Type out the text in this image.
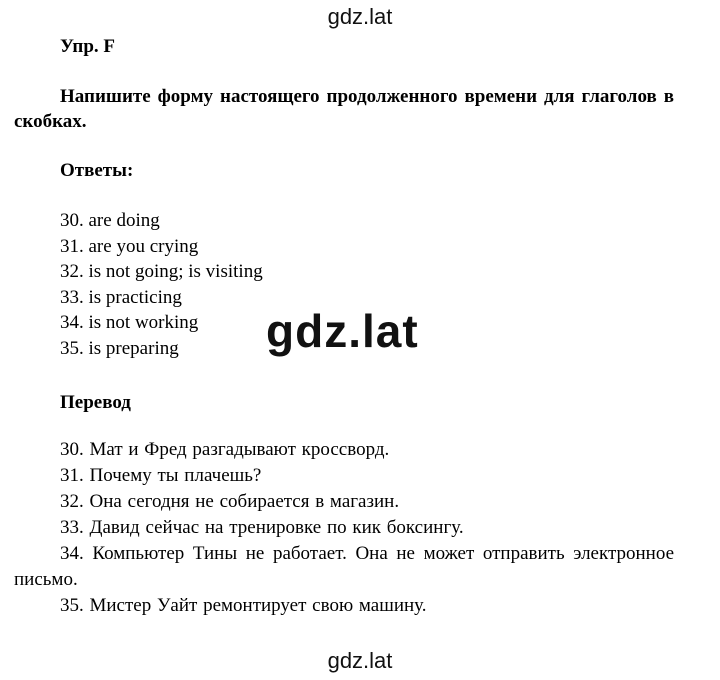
gdz.lat
Упр. F
Напишите форму настоящего продолженного времени для глаголов в скобках.
Ответы:
30. are doing
31. are you crying
32. is not going; is visiting
33. is practicing
34. is not working
35. is preparing	gdz.lat
Перевод
30. Мат и Фред разгадывают кроссворд.
31. Почему ты плачешь?
32. Она сегодня не собирается в магазин.
33. Давид сейчас на тренировке по кик боксингу.
34. Компьютер Тины не работает. Она не может отправить электронное письмо.
35. Мистер Уайт ремонтирует свою машину.
gdz.lat
